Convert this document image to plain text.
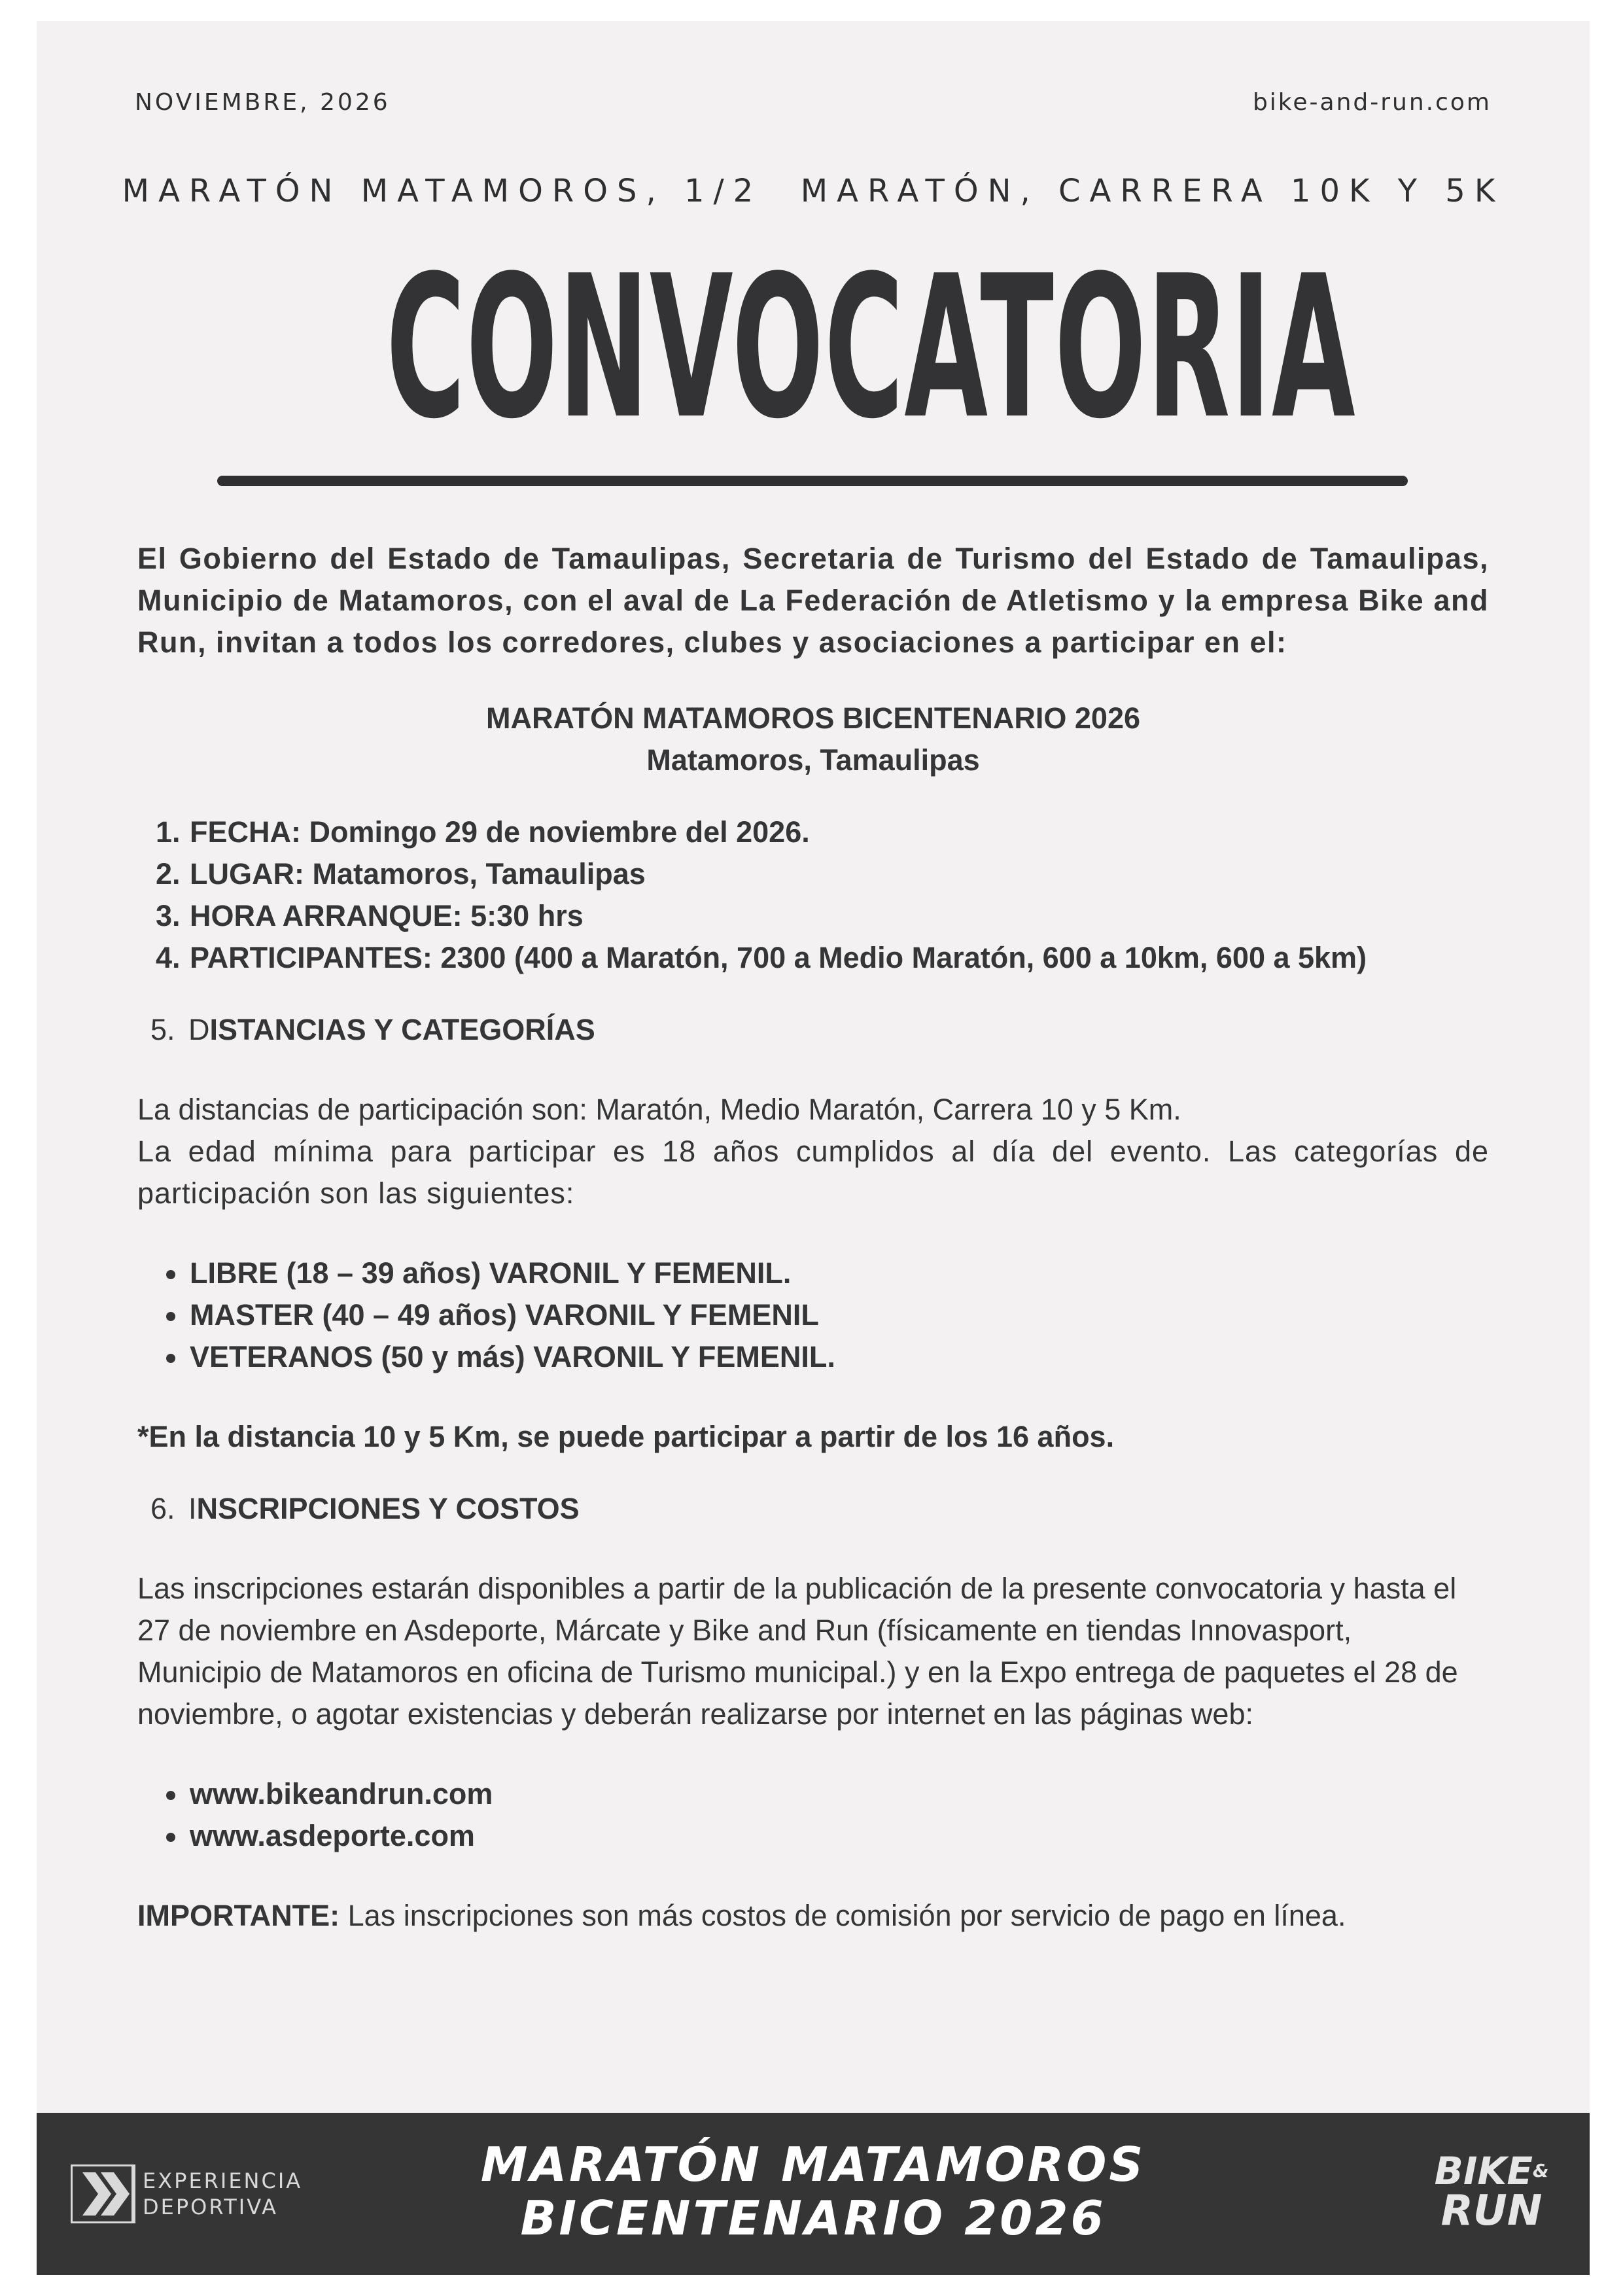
NOVIEMBRE, 2026	bike-and-run.com
MARATÓN MATAMOROS, 1/2  MARATÓN, CARRERA 10K Y 5K
CONVOCATORIA

El Gobierno del Estado de Tamaulipas, Secretaria de Turismo del Estado de Tamaulipas, Municipio de Matamoros, con el aval de La Federación de Atletismo y la empresa Bike and Run, invitan a todos los corredores, clubes y asociaciones a participar en el:

MARATÓN MATAMOROS BICENTENARIO 2026
Matamoros, Tamaulipas
1. FECHA: Domingo 29 de noviembre del 2026.
2. LUGAR: Matamoros, Tamaulipas
3. HORA ARRANQUE: 5:30 hrs
4. PARTICIPANTES: 2300 (400 a Maratón, 700 a Medio Maratón, 600 a 10km, 600 a 5km)
5. DISTANCIAS Y CATEGORÍAS

La distancias de participación son: Maratón, Medio Maratón, Carrera 10 y 5 Km.

La edad mínima para participar es 18 años cumplidos al día del evento. Las categorías de participación son las siguientes:

• LIBRE (18 – 39 años) VARONIL Y FEMENIL.
• MASTER (40 – 49 años) VARONIL Y FEMENIL
• VETERANOS (50 y más) VARONIL Y FEMENIL.

*En la distancia 10 y 5 Km, se puede participar a partir de los 16 años.

6. INSCRIPCIONES Y COSTOS

Las inscripciones estarán disponibles a partir de la publicación de la presente convocatoria y hasta el 27 de noviembre en Asdeporte, Márcate y Bike and Run (físicamente en tiendas Innovasport, Municipio de Matamoros en oficina de Turismo municipal.) y en la Expo entrega de paquetes el 28 de noviembre, o agotar existencias y deberán realizarse por internet en las páginas web:

• www.bikeandrun.com
• www.asdeporte.com

IMPORTANTE: Las inscripciones son más costos de comisión por servicio de pago en línea.

EXPERIENCIA
DEPORTIVA
MARATÓN MATAMOROS
BICENTENARIO 2026
BIKE&
RUN
